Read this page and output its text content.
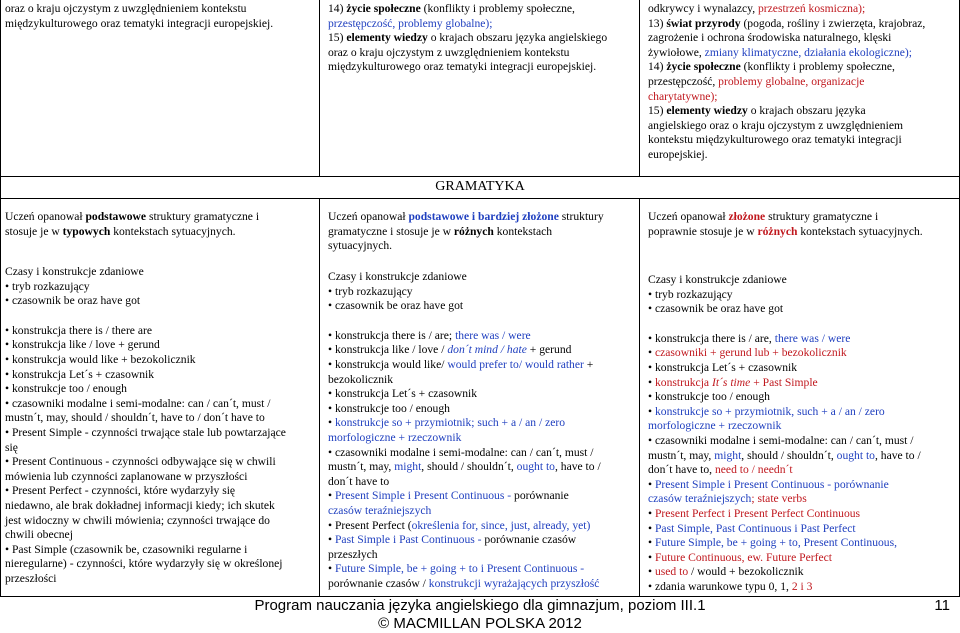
oraz o kraju ojczystym z uwzględnieniem kontekstu

międzykulturowego oraz tematyki integracji europejskiej.

14) życie społeczne (konflikty i problemy społeczne,

przestępczość, problemy globalne);

15) elementy wiedzy o krajach obszaru języka angielskiego

oraz o kraju ojczystym z uwzględnieniem kontekstu

międzykulturowego oraz tematyki integracji europejskiej.

odkrywcy i wynalazcy, przestrzeń kosmiczna);

13) świat przyrody (pogoda, rośliny i zwierzęta, krajobraz,

zagrożenie i ochrona środowiska naturalnego, klęski

żywiołowe, zmiany klimatyczne, działania ekologiczne);

14) życie społeczne (konflikty i problemy społeczne,

przestępczość, problemy globalne, organizacje

charytatywne);

15) elementy wiedzy o krajach obszaru języka

angielskiego oraz o kraju ojczystym z uwzględnieniem

kontekstu międzykulturowego oraz tematyki integracji

europejskiej.

GRAMATYKA

Uczeń opanował podstawowe struktury gramatyczne i

stosuje je w typowych kontekstach sytuacyjnych.

Uczeń opanował podstawowe i bardziej złożone struktury

gramatyczne i stosuje je w różnych kontekstach

sytuacyjnych.

Uczeń opanował złożone struktury gramatyczne i

poprawnie stosuje je w różnych kontekstach sytuacyjnych.

Czasy i konstrukcje zdaniowe

• tryb rozkazujący
• czasownik be oraz have got
• konstrukcja there is / there are
• konstrukcja like / love + gerund
• konstrukcja would like + bezokolicznik
• konstrukcja Let´s + czasownik
• konstrukcje too / enough
• czasowniki modalne i semi-modalne: can / can´t, must /
mustn´t, may, should / shouldn´t, have to / don´t have to
• Present Simple - czynności trwające stale lub powtarzające
się
• Present Continuous - czynności odbywające się w chwili
mówienia lub czynności zaplanowane w przyszłości
• Present Perfect - czynności, które wydarzyły się
niedawno, ale brak dokładnej informacji kiedy; ich skutek
jest widoczny w chwili mówienia; czynności trwające do
chwili obecnej
• Past Simple (czasownik be, czasowniki regularne i
nieregularne) - czynności, które wydarzyły się w określonej
przeszłości

Czasy i konstrukcje zdaniowe

• tryb rozkazujący
• czasownik be oraz have got
• konstrukcja there is / are; there was / were
• konstrukcja like / love / don´t mind / hate + gerund
• konstrukcja would like/ would prefer to/ would rather +
bezokolicznik
• konstrukcja Let´s + czasownik
• konstrukcje too / enough
• konstrukcje so + przymiotnik; such + a / an / zero
morfologiczne + rzeczownik
• czasowniki modalne i semi-modalne: can / can´t, must /
mustn´t, may, might, should / shouldn´t, ought to, have to /
don´t have to
• Present Simple i Present Continuous - porównanie
czasów teraźniejszych
• Present Perfect (określenia for, since, just, already, yet)
• Past Simple i Past Continuous - porównanie czasów
przeszłych
• Future Simple, be + going + to i Present Continuous -
porównanie czasów / konstrukcji wyrażających przyszłość

Czasy i konstrukcje zdaniowe

• tryb rozkazujący
• czasownik be oraz have got
• konstrukcja there is / are, there was / were
• czasowniki + gerund lub + bezokolicznik
• konstrukcja Let´s + czasownik
• konstrukcja It´s time + Past Simple
• konstrukcje too / enough
• konstrukcje so + przymiotnik, such + a / an / zero
morfologiczne + rzeczownik
• czasowniki modalne i semi-modalne: can / can´t, must /
mustn´t, may, might, should / shouldn´t, ought to, have to /
don´t have to, need to / needn´t
• Present Simple i Present Continuous - porównanie
czasów teraźniejszych; state verbs
• Present Perfect i Present Perfect Continuous
• Past Simple, Past Continuous i Past Perfect
• Future Simple, be + going + to, Present Continuous,
• Future Continuous, ew. Future Perfect
• used to / would + bezokolicznik
• zdania warunkowe typu 0, 1, 2 i 3
Program nauczania języka angielskiego dla gimnazjum, poziom III.1
© MACMILLAN POLSKA 2012
11
